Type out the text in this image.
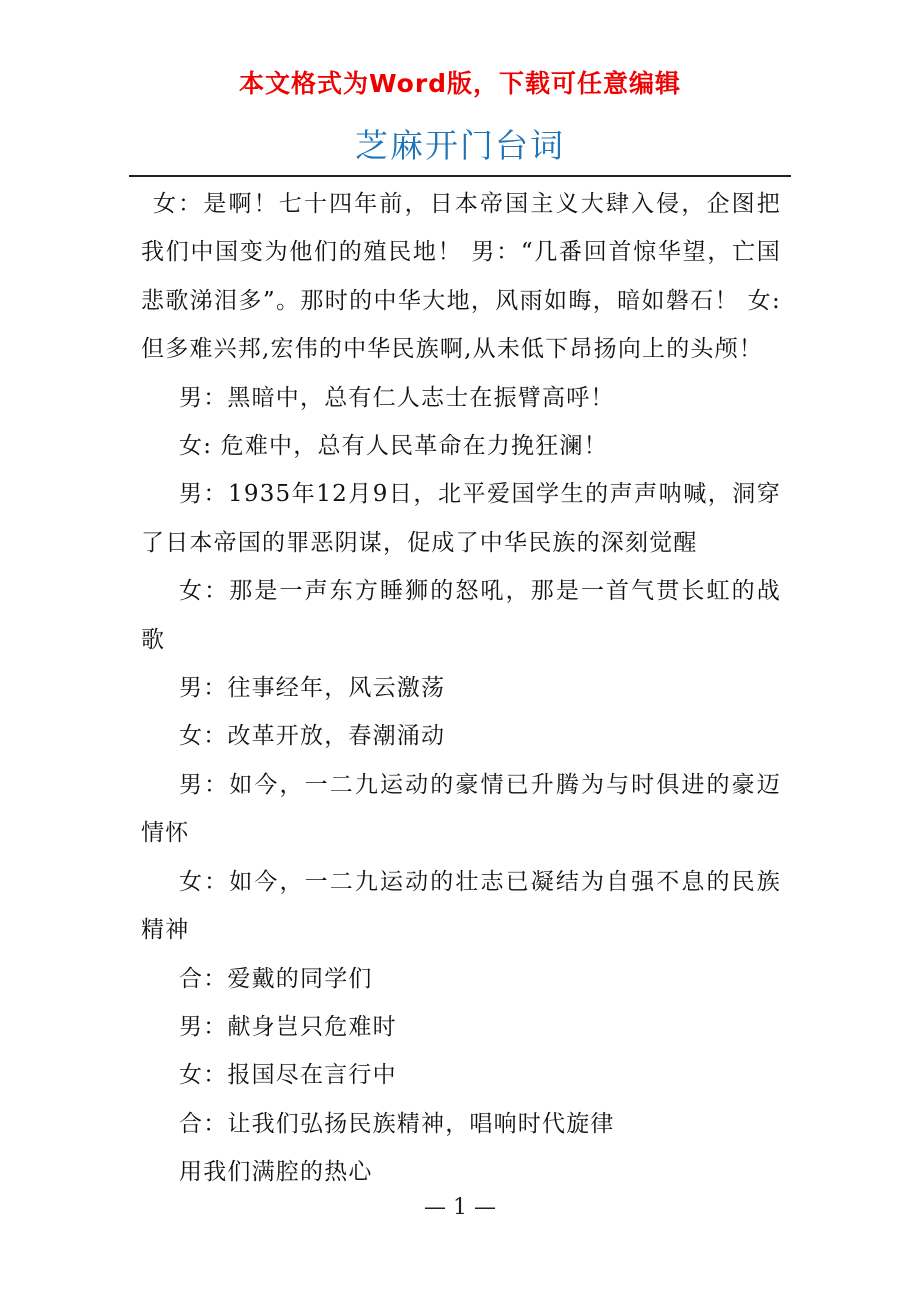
本文格式为Word版，下载可任意编辑
芝麻开门台词

女：是啊！七十四年前，日本帝国主义大肆入侵，企图把我们中国变为他们的殖民地！ 男：“几番回首惊华望，亡国悲歌涕泪多”。那时的中华大地，风雨如晦，暗如磐石！ 女:但多难兴邦,宏伟的中华民族啊,从未低下昂扬向上的头颅！

男：黑暗中，总有仁人志士在振臂高呼！

女: 危难中，总有人民革命在力挽狂澜！

男：1935年12月9日，北平爱国学生的声声呐喊，洞穿了日本帝国的罪恶阴谋，促成了中华民族的深刻觉醒

女：那是一声东方睡狮的怒吼，那是一首气贯长虹的战歌

男：往事经年，风云激荡

女：改革开放，春潮涌动

男：如今，一二九运动的豪情已升腾为与时俱进的豪迈情怀

女：如今，一二九运动的壮志已凝结为自强不息的民族精神

合：爱戴的同学们

男：献身岂只危难时

女：报国尽在言行中

合：让我们弘扬民族精神，唱响时代旋律

用我们满腔的热心

— 1 —
